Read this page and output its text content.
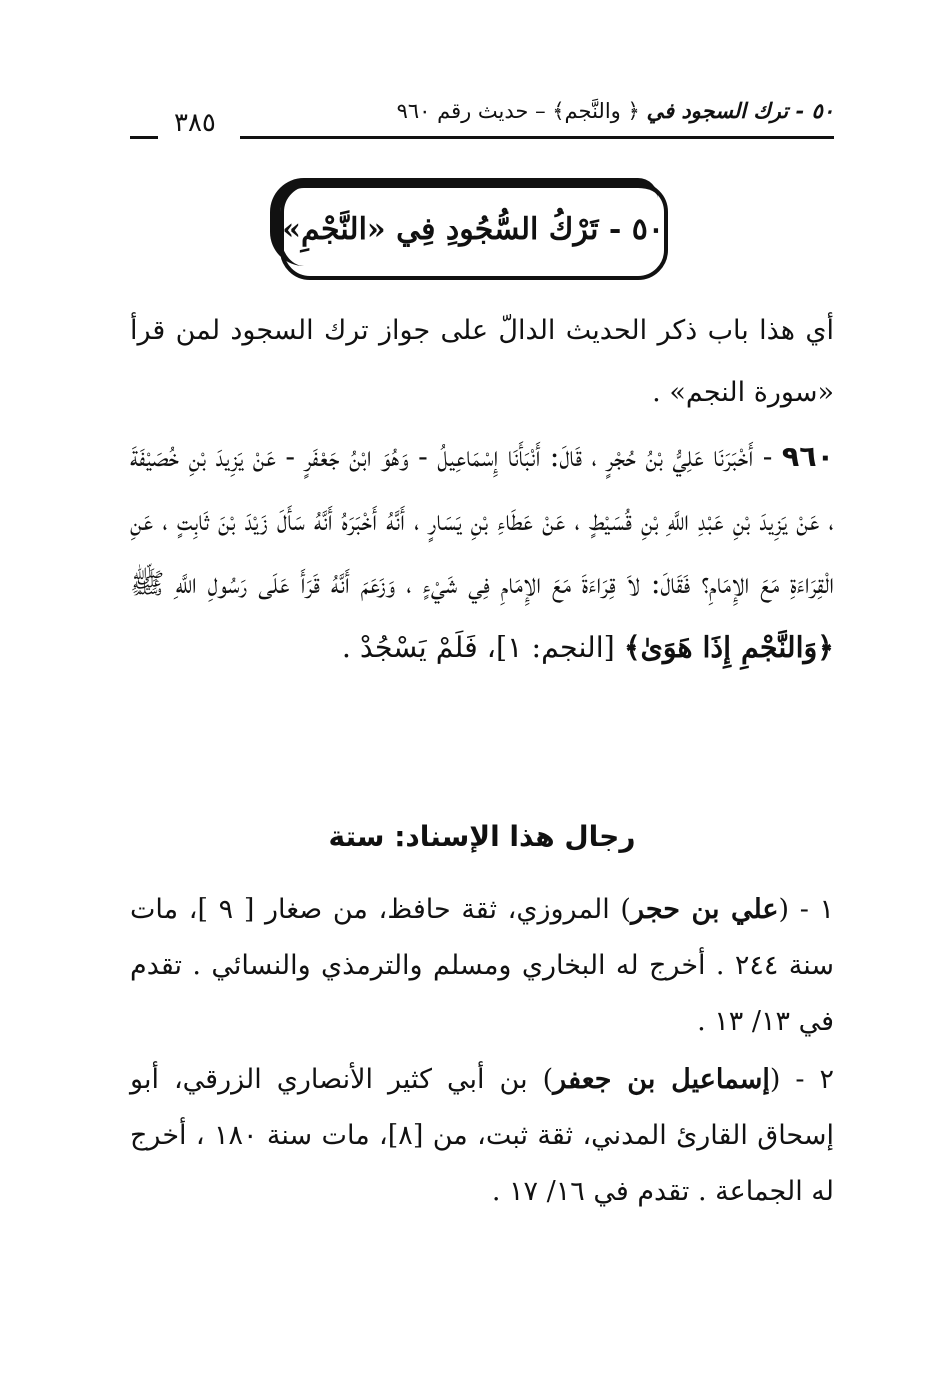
٥٠ - ترك السجود في ﴿ والنَّجم﴾ – حديث رقم ٩٦٠
٣٨٥
٥٠ - تَرْكُ السُّجُودِ فِي «النَّجْمِ»

أي هذا باب ذكر الحديث الدالّ على جواز ترك السجود لمن قرأ «سورة النجم» .

٩٦٠ - أَخْبَرَنَا عَلِيُّ بْنُ حُجْرٍ ، قَالَ: أَنْبَأَنَا إِسْمَاعِيلُ - وَهُوَ ابْنُ جَعْفَرٍ - عَنْ يَزِيدَ بْنِ خُصَيْفَةَ ، عَنْ يَزِيدَ بْنِ عَبْدِ اللَّهِ بْنِ قُسَيْطٍ ، عَنْ عَطَاءِ بْنِ يَسَارٍ ، أَنَّهُ أَخْبَرَهُ أَنَّهُ سَأَلَ زَيْدَ بْنَ ثَابِتٍ ، عَنِ الْقِرَاءَةِ مَعَ الإِمَامِ؟ فَقَالَ: لاَ قِرَاءَةَ مَعَ الإِمَامِ فِي شَيْءٍ ، وَزَعَمَ أَنَّهُ قَرَأَ عَلَى رَسُولِ اللَّهِ ﷺ ﴿وَالنَّجْمِ إِذَا هَوَىٰ﴾ [النجم: ١]، فَلَمْ يَسْجُدْ .

رجال هذا الإسناد: ستة

١ - (علي بن حجر) المروزي، ثقة حافظ، من صغار [ ٩ ]، مات سنة ٢٤٤ . أخرج له البخاري ومسلم والترمذي والنسائي . تقدم في ١٣/ ١٣ .

٢ - (إسماعيل بن جعفر) بن أبي كثير الأنصاري الزرقي، أبو إسحاق القارئ المدني، ثقة ثبت، من [٨]، مات سنة ١٨٠ ، أخرج له الجماعة . تقدم في ١٦/ ١٧ .
